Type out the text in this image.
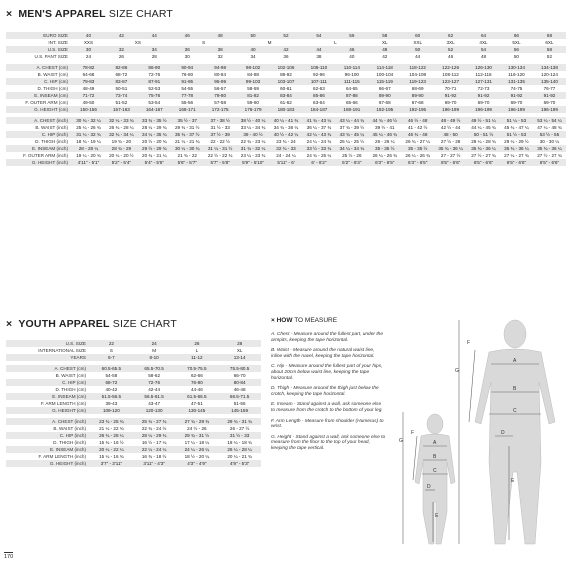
× MEN'S APPAREL SIZE CHART
EURO SIZE	40	42	44	46	48	50	52	54	56	58	60	62	64	66	68
INT. SIZE	XXS	XS		S		M		L		XL	XXL	3XL	4XL	5XL	6XL
U.S. SIZE	30	32	34	36	38	40	42	44	46	48	50	52	54	56	58
U.S. PANT SIZE	24	26	28	30	32	34	36	38	40	42	44	46	48	50	52

A. CHEST (cm)	78-82	82-86	86-90	90-94	94-98	98-102	102-106	106-110	110-114	114-118	118-122	122-126	126-130	130-134	134-138
B. WAIST (cm)	64-68	68-72	72-76	76-80	80-84	84-88	88-92	92-96	96-100	100-104	104-108	108-112	112-116	116-120	120-124
C. HIP (cm)	79-83	83-87	87-91	91-95	95-99	99-103	103-107	107-111	111-115	115-119	119-123	123-127	127-131	131-135	135-140
D. THIGH (cm)	48-49	50-51	52-53	54-55	56-57	58-59	60-61	62-63	64-65	66-67	68-69	70-71	72-73	74-75	76-77
E. INSEAM (cm)	71-72	73-74	75-76	77-78	79-80	81-82	83-84	85-86	87-88	89-90	89-90	91-92	91-92	91-92	91-92
F. OUTER ARM (cm)	49-50	51-52	53-54	55-56	57-58	59-60	61-62	63-64	65-66	67-68	67-68	69-70	69-70	69-70	69-70
G. HEIGHT (cm)	150-156	157-163	164-167	168-171	172-175	176-179	180-183	184-187	188-191	192-195	192-195	196-199	196-199	196-199	196-199

A. CHEST (inch)	30 ¾ - 32 ¼	32 ¼ - 33 ¾	33 ¾ - 35 ½	35 ½ - 37	37 - 38 ½	38 ½ - 40 ¼	40 ¼ - 41 ¾	41 ¾ - 43 ¼	43 ¼ - 44 ¾	44 ¾ - 46 ½	46 ½ - 48	48 - 49 ½	49 ½ - 51 ¼	51 ¼ - 53	53 ¼ - 54 ¼
B. WAIST (inch)	25 ¼ - 26 ¾	26 ¾ - 28 ¼	28 ¼ - 29 ¾	29 ¾ - 31 ½	31 ½ - 33	33 ¼ - 34 ¾	34 ¾ - 36 ¼	36 ¼ - 37 ¾	37 ¾ - 39 ½	39 ½ - 41	41 - 42 ½	42 ½ - 44	44 ¼ - 45 ¾	45 ¾ - 47 ¼	47 ¼ - 48 ¾
C. HIP (inch)	31 ¼ - 32 ¾	32 ¾ - 34 ¼	34 ¼ - 35 ¾	35 ¾ - 37 ½	37 ½ - 39	39 - 40 ½	40 ½ - 42 ¼	42 ¼ - 43 ¾	43 ¾ - 45 ¼	45 ¼ - 46 ¾	46 ¾ - 48	48 - 50	50 - 51 ½	51 ½ - 53	53 ½ - 55
D. THIGH (inch)	18 ¾ - 19 ¼	19 ¾ - 20	20 ½ - 20 ¾	21 ¼ - 21 ¾	22 - 22 ½	22 ¾ - 23 ¼	23 ¾ - 24	24 ¼ - 24 ¾	25 ¼ - 25 ½	26 - 26 ¼	26 ¾ - 27 ¼	27 ½ - 28	28 ¼ - 28 ¾	29 ¼ - 29 ½	30 - 30 ¼
E. INSEAM (inch)	28 - 28 ¼	28 ¾ - 29	29 ½ - 29 ¾	30 ¼ - 30 ¾	31 ¼ - 31 ½	31 ¾ - 32 ¼	32 ¾ - 33	33 ½ - 33 ¾	34 ¼ - 34 ¾	35 - 35 ½	35 - 35 ½	35 ¾ - 36 ¼	35 ¾ - 36 ¼	35 ¾ - 36 ¼	35 ¾ - 36 ¼
F. OUTER ARM (inch)	19 ¼ - 20 ¾	20 ¼ - 20 ½	20 ¾ - 21 ¼	21 ¾ - 22	22 ½ - 22 ¾	23 ¼ - 23 ¾	24 - 24 ¼	24 ¾ - 25 ¼	25 ½ - 26	26 ¼ - 26 ¾	26 ¼ - 26 ¾	27 - 27 ½	27 ½ - 27 ¾	27 ¼ - 27 ¾	27 ½ - 27 ¾
G. HEIGHT (inch)	4'11" - 5'1"	5'2" - 5'4"	5'4" - 5'5"	5'6" - 5'7"	5'7" - 5'8"	5'9" - 5'10"	5'11" - 6'	6' - 6'2"	6'2" - 6'3"	6'3" - 6'5"	6'3" - 6'5"	6'5" - 6'6"	6'5" - 6'6"	6'5" - 6'6"	6'5" - 6'6"
× YOUTH APPAREL SIZE CHART
U.S. SIZE	22	24	26	28
INTERNATIONAL SIZE	S	M	L	XL
YEARS	6-7	8-10	11-12	13-14

A. CHEST (cm)	60.5-65.5	65.5-70.5	70.5-75.5	75.5-80.5
B. WAIST (cm)	54-58	58-62	62-66	66-70
C. HIP (cm)	68-72	72-76	76-80	80-84
D. THIGH (cm)	40-42	42-44	44-46	46-48
E. INSEAM (cm)	51.5-56.5	56.5-61.5	61.5-66.5	66.5-71.5
F. ARM LENGTH (cm)	39-43	43-47	47-51	51-55
G. HEIGHT (cm)	109-120	120-130	130-145	145-159

A. CHEST (inch)	23 ¾ - 25 ¾	25 ¾ - 27 ¾	27 ¾ - 29 ¾	29 ¾ - 31 ¾
B. WAIST (inch)	21 ¼ - 22 ¾	22 ¾ - 24 ½	24 ½ - 26	26 - 27 ½
C. HIP (inch)	26 ¾ - 28 ¼	28 ¼ - 29 ¾	29 ¾ - 31 ½	31 ½ - 33
D. THIGH (inch)	15 ¾ - 16 ½	16 ½ - 17 ¼	17 ¼ - 18 ¼	18 ¼ - 18 ¾
E. INSEAM (inch)	20 ¼ - 22 ¼	22 ¼ - 24 ¼	24 ¼ - 26 ¼	26 ¼ - 28 ¼
F. ARM LENGTH (inch)	15 ¼ - 16 ¾	16 ¾ - 18 ½	18 ½ - 20 ¼	20 ¼ - 21 ¾
G. HEIGHT (inch)	3'7" - 3'11"	3'11" - 4'3"	4'3" - 4'9"	4'9" - 5'3"
× HOW TO MEASURE

A. Chest - Measure around the fullest part, under the armpits, keeping the tape horizontal.

B. Waist - Measure around the natural waist line, inline with the navel, keeping the tape horizontal.

C. Hip - Measure around the fullest part of your hips, about 20cm below waist line, keeping the tape horizontal.

D. Thigh - Measure around the thigh just below the crotch, keeping the tape horizontal.

E. Inseam - Stand against a wall, ask someone else to measure from the crotch to the bottom of your leg.

F. Arm Length - Measure from shoulder (Humerus) to wrist.

G. Height - Stand against a wall, ask someone else to measure from the floor to the top of your head, keeping the tape vertical.

A
B
C
D
E
F
G
A
B
C
D
E
F
G
170
